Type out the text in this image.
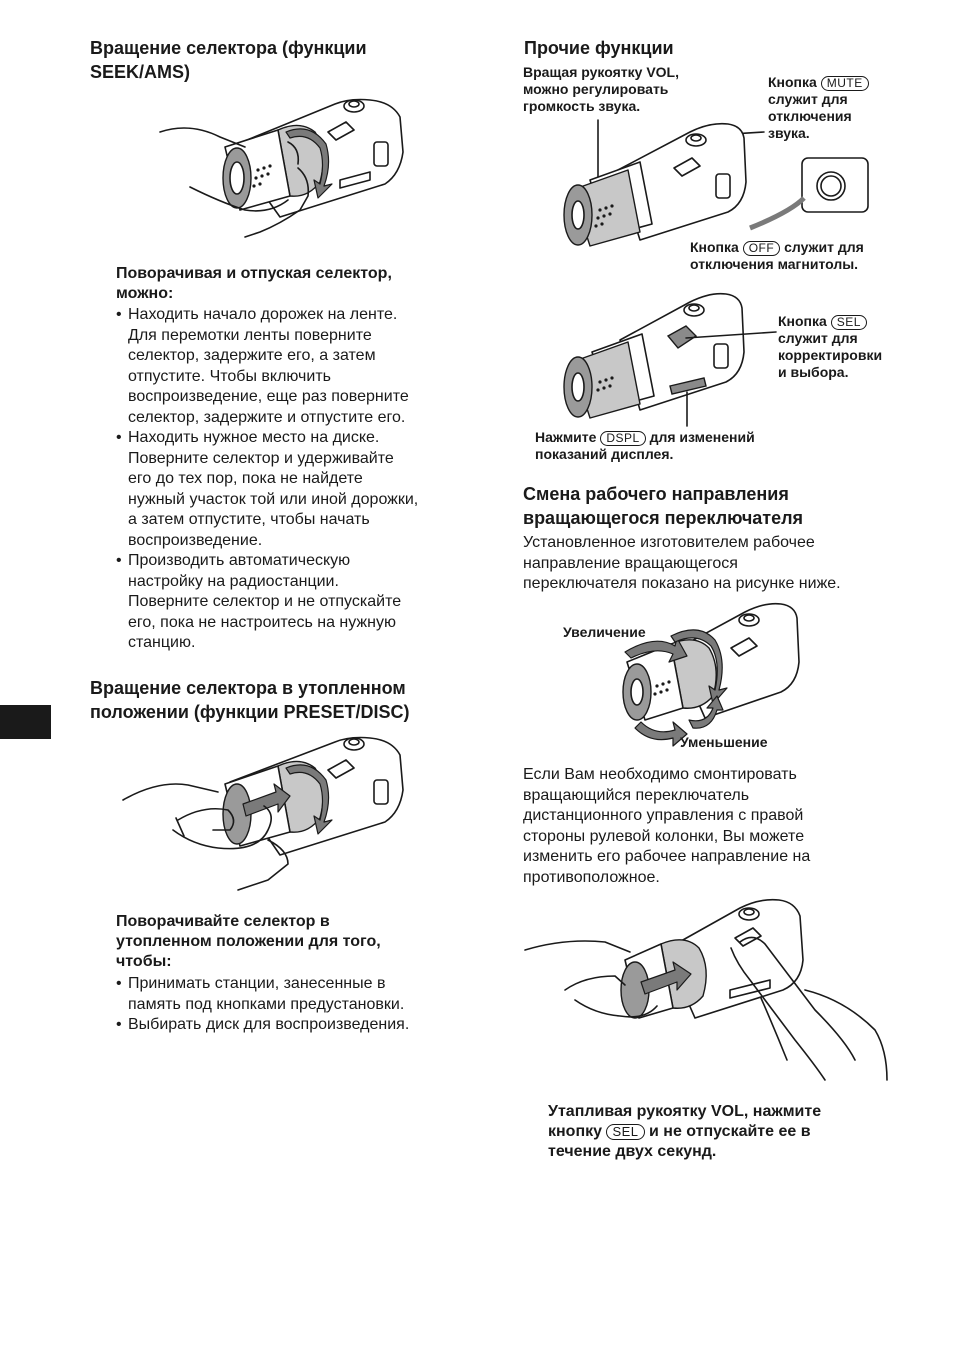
Вращение селектора (функции
SEEK/AMS)
Поворачивая и отпуская селектор,
можно:
• Находить начало дорожек на ленте.
Для перемотки ленты поверните
селектор, задержите его, а затем
отпустите. Чтобы включить
воспроизведение, еще раз поверните
селектор, задержите и отпустите его.
• Находить нужное место на диске.
Поверните селектор и удерживайте
его до тех пор, пока не найдете
нужный участок той или иной дорожки,
а затем отпустите, чтобы начать
воспроизведение.
• Производить автоматическую
настройку на радиостанции.
Поверните селектор и не отпускайте
его, пока не настроитесь на нужную
станцию.
Вращение селектора в утопленном
положении (функции PRESET/DISC)
Поворачивайте селектор в
утопленном положении для того,
чтобы:
• Принимать станции, занесенные в
память под кнопками предустановки.
• Выбирать диск для воспроизведения.
Прочие функции
Вращая рукоятку VOL,
можно регулировать
громкость звука.
Кнопка MUTE
служит для
отключения
звука.
Кнопка OFF служит для
отключения магнитолы.
Кнопка SEL
служит для
корректировки
и выбора.
Нажмите DSPL для изменений
показаний дисплея.
Смена рабочего направления
вращающегося переключателя
Установленное изготовителем рабочее
направление вращающегося
переключателя показано на рисунке ниже.
Увеличение
Уменьшение
Если Вам необходимо смонтировать
вращающийся переключатель
дистанционного управления с правой
стороны рулевой колонки, Вы можете
изменить его рабочее направление на
противоположное.
Утапливая рукоятку VOL, нажмите
кнопку SEL и не отпускайте ее в
течение двух секунд.
